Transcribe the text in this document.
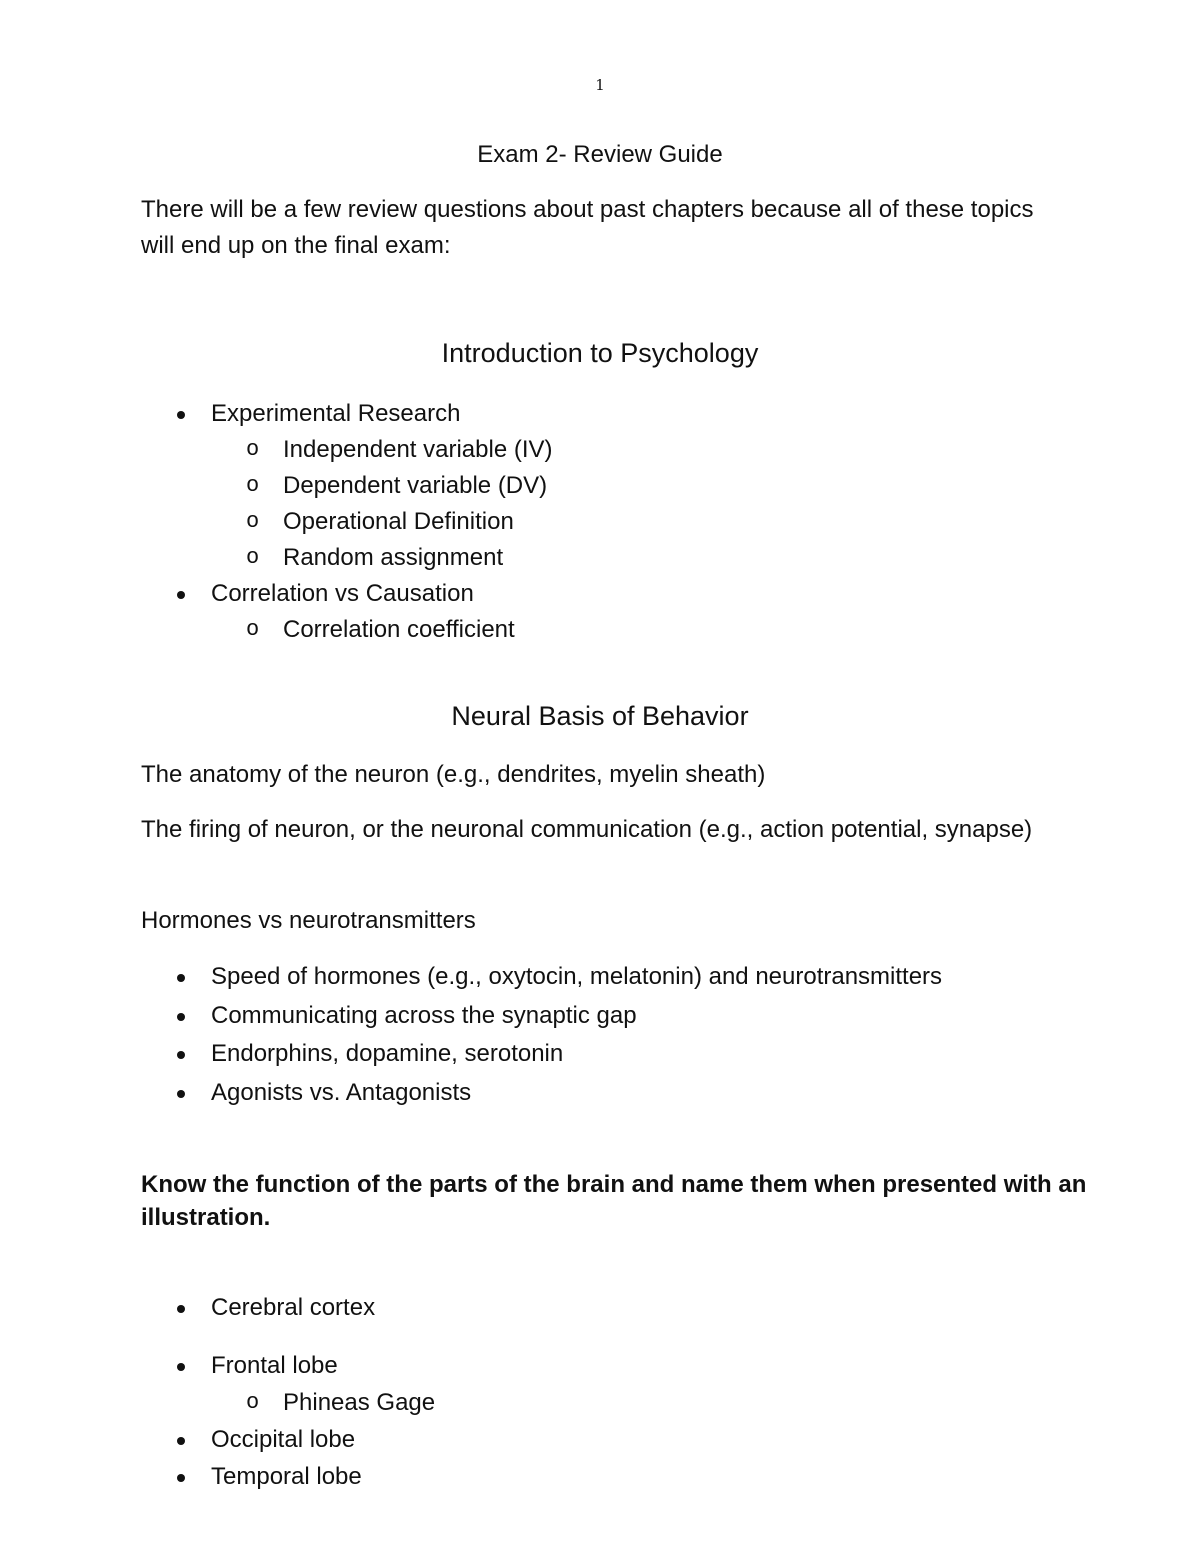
1
Exam 2- Review Guide
There will be a few review questions about past chapters because all of these topics will end up on the final exam:
Introduction to Psychology
Experimental Research
o Independent variable (IV)
o Dependent variable (DV)
o Operational Definition
o Random assignment
Correlation vs Causation
o Correlation coefficient
Neural Basis of Behavior
The anatomy of the neuron (e.g., dendrites, myelin sheath)
The firing of neuron, or the neuronal communication (e.g., action potential, synapse)
Hormones vs neurotransmitters
Speed of hormones (e.g., oxytocin, melatonin) and neurotransmitters
Communicating across the synaptic gap
Endorphins, dopamine, serotonin
Agonists vs. Antagonists
Know the function of the parts of the brain and name them when presented with an illustration.
Cerebral cortex
Frontal lobe
o Phineas Gage
Occipital lobe
Temporal lobe
